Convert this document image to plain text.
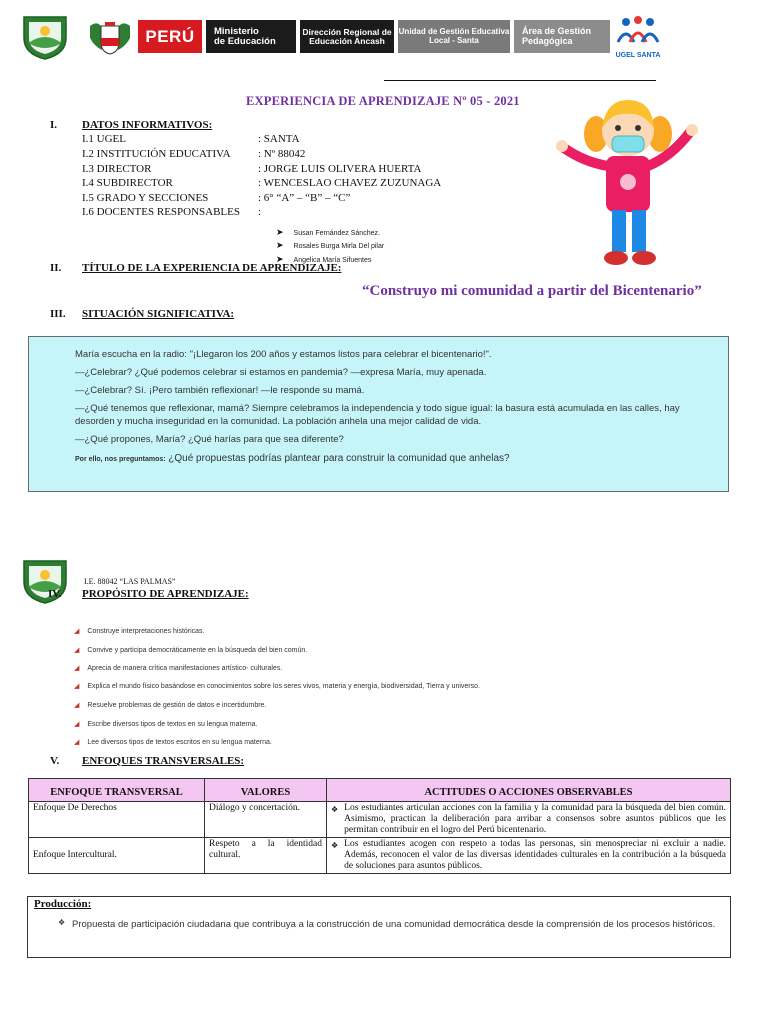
PERÚ Ministerio
de Educación
Dirección Regional de
Educación Ancash
Unidad de Gestión Educativa
Local - Santa
Área de Gestión
Pedagógica
UGEL SANTA
EXPERIENCIA DE APRENDIZAJE Nº 05 - 2021
I. DATOS INFORMATIVOS:
I.1 UGEL	: SANTA
I.2 INSTITUCIÓN EDUCATIVA : Nº 88042
I.3 DIRECTOR	: JORGE LUIS OLIVERA HUERTA
I.4 SUBDIRECTOR	: WENCESLAO CHAVEZ ZUZUNAGA
I.5 GRADO Y SECCIONES	: 6° “A” – “B” – “C”
I.6 DOCENTES RESPONSABLES :
➤ Susan Fernández Sánchez.
➤ Rosales Burga Mirla Del pilar
➤ Angelica María Sifuentes
II. TÍTULO DE LA EXPERIENCIA DE APRENDIZAJE:
“Construyo mi comunidad a partir del Bicentenario”
III. SITUACIÓN SIGNIFICATIVA:

María escucha en la radio: "¡Llegaron los 200 años y estamos listos para celebrar el bicentenario!".

—¿Celebrar? ¿Qué podemos celebrar si estamos en pandemia? —expresa María, muy apenada.

—¿Celebrar? Sí. ¡Pero también reflexionar! —le responde su mamá.

—¿Qué tenemos que reflexionar, mamá? Siempre celebramos la independencia y todo sigue igual: la basura está acumulada en las calles, hay desorden y mucha inseguridad en la comunidad. La población anhela una mejor calidad de vida.

—¿Qué propones, María? ¿Qué harías para que sea diferente?

Por ello, nos preguntamos: ¿Qué propuestas podrías plantear para construir la comunidad que anhelas?

I.E. 88042 “LAS PALMAS”
IV. PROPÓSITO DE APRENDIZAJE:
◢ Construye interpretaciones históricas.
◢ Convive y participa democráticamente en la búsqueda del bien común.
◢ Aprecia de manera crítica manifestaciones artístico- culturales.
◢ Explica el mundo físico basándose en conocimientos sobre los seres vivos, materia y energía, biodiversidad, Tierra y universo.
◢ Resuelve problemas de gestión de datos e incertidumbre.
◢ Escribe diversos tipos de textos en su lengua materna.
◢ Lee diversos tipos de textos escritos en su lengua materna.
V. ENFOQUES TRANSVERSALES:
ENFOQUE TRANSVERSAL	VALORES	ACTITUDES O ACCIONES OBSERVABLES
Enfoque De Derechos	Diálogo y concertación.	❖ Los estudiantes articulan acciones con la familia y la comunidad para la búsqueda del bien común. Asimismo, practican la deliberación para arribar a consensos sobre asuntos públicos que les permitan contribuir en el logro del Perú bicentenario.

Enfoque Intercultural.	Respeto a la identidad cultural.	❖ Los estudiantes acogen con respeto a todas las personas, sin menospreciar ni excluir a nadie. Además, reconocen el valor de las diversas identidades culturales en la contribución a la búsqueda de soluciones para asuntos públicos.
Producción:
❖ Propuesta de participación ciudadana que contribuya a la construcción de una comunidad democrática desde la comprensión de los procesos históricos.
